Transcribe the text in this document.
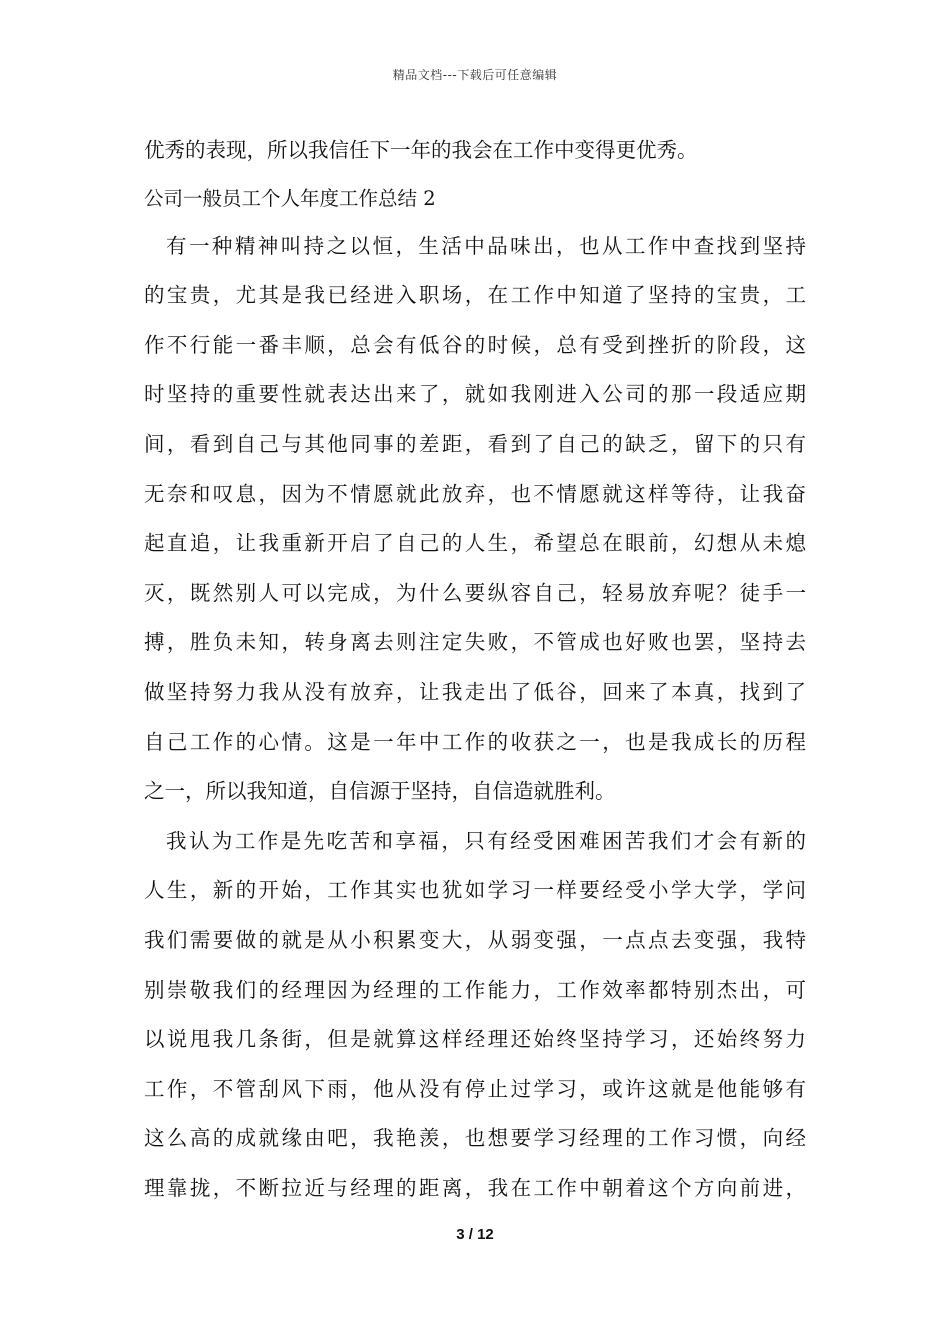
精品文档---下载后可任意编辑
优秀的表现，所以我信任下一年的我会在工作中变得更优秀。
公司一般员工个人年度工作总结 2
有一种精神叫持之以恒，生活中品味出，也从工作中查找到坚持
的宝贵，尤其是我已经进入职场，在工作中知道了坚持的宝贵，工
作不行能一番丰顺，总会有低谷的时候，总有受到挫折的阶段，这
时坚持的重要性就表达出来了，就如我刚进入公司的那一段适应期
间，看到自己与其他同事的差距，看到了自己的缺乏，留下的只有
无奈和叹息，因为不情愿就此放弃，也不情愿就这样等待，让我奋
起直追，让我重新开启了自己的人生，希望总在眼前，幻想从未熄
灭，既然别人可以完成，为什么要纵容自己，轻易放弃呢？徒手一
搏，胜负未知，转身离去则注定失败，不管成也好败也罢，坚持去
做坚持努力我从没有放弃，让我走出了低谷，回来了本真，找到了
自己工作的心情。这是一年中工作的收获之一，也是我成长的历程
之一，所以我知道，自信源于坚持，自信造就胜利。
我认为工作是先吃苦和享福，只有经受困难困苦我们才会有新的
人生，新的开始，工作其实也犹如学习一样要经受小学大学，学问
我们需要做的就是从小积累变大，从弱变强，一点点去变强，我特
别崇敬我们的经理因为经理的工作能力，工作效率都特别杰出，可
以说甩我几条街，但是就算这样经理还始终坚持学习，还始终努力
工作，不管刮风下雨，他从没有停止过学习，或许这就是他能够有
这么高的成就缘由吧，我艳羡，也想要学习经理的工作习惯，向经
理靠拢，不断拉近与经理的距离，我在工作中朝着这个方向前进，
3 / 12
